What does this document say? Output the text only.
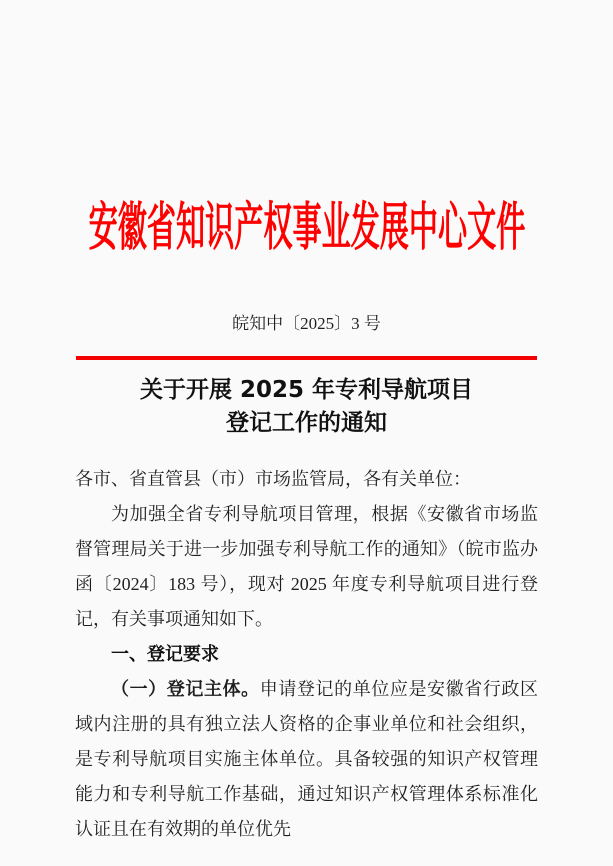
安徽省知识产权事业发展中心文件
皖知中〔2025〕3 号
关于开展 2025 年专利导航项目
登记工作的通知

各市、省直管县（市）市场监管局，各有关单位：

为加强全省专利导航项目管理，根据《安徽省市场监督管理局关于进一步加强专利导航工作的通知》（皖市监办函〔2024〕183 号），现对 2025 年度专利导航项目进行登记，有关事项通知如下。

一、登记要求

（一）登记主体。申请登记的单位应是安徽省行政区域内注册的具有独立法人资格的企事业单位和社会组织，是专利导航项目实施主体单位。具备较强的知识产权管理能力和专利导航工作基础，通过知识产权管理体系标准化认证且在有效期的单位优先
